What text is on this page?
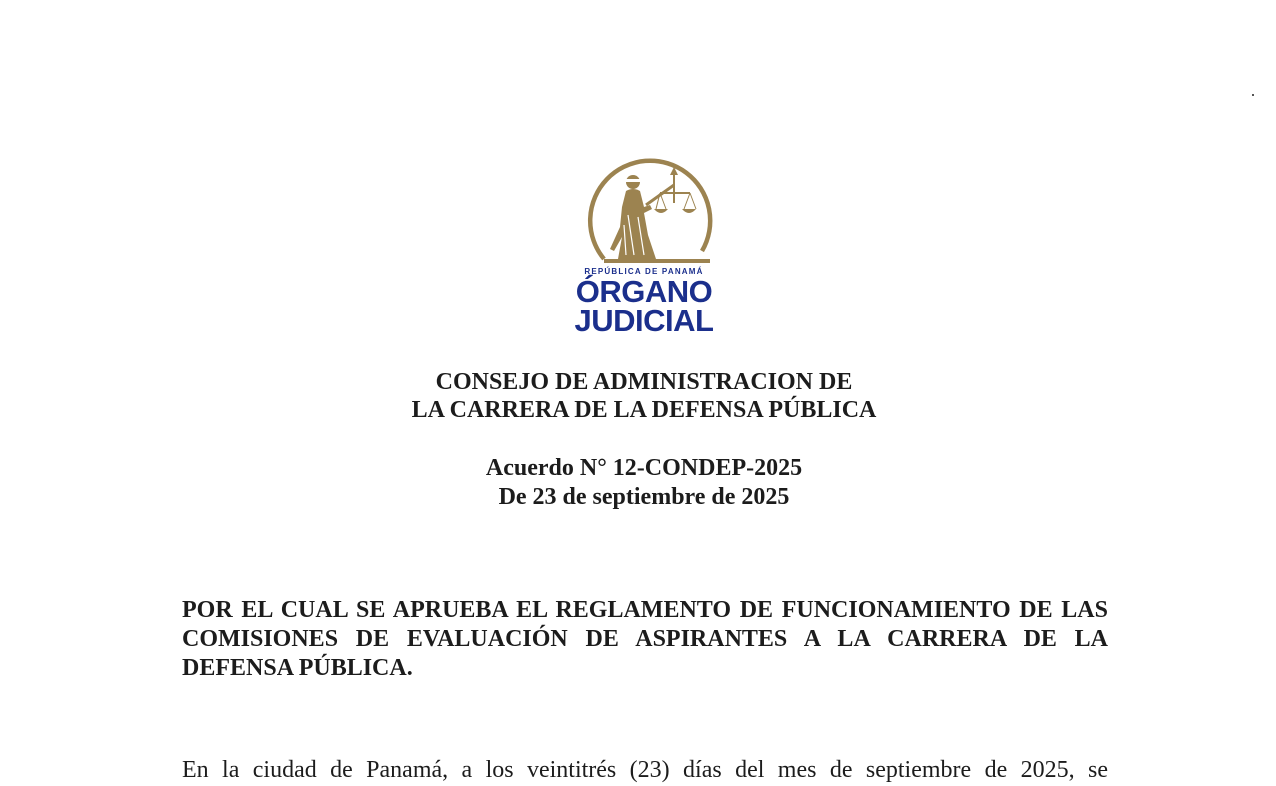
REPÚBLICA DE PANAMÁ
ÓRGANO
JUDICIAL
CONSEJO DE ADMINISTRACION DE
LA CARRERA DE LA DEFENSA PÚBLICA
Acuerdo N° 12-CONDEP-2025
De 23 de septiembre de 2025
POR EL CUAL SE APRUEBA EL REGLAMENTO DE FUNCIONAMIENTO DE LAS COMISIONES DE EVALUACIÓN DE ASPIRANTES A LA CARRERA DE LA DEFENSA PÚBLICA.
En la ciudad de Panamá, a los veintitrés (23) días del mes de septiembre de 2025, se
